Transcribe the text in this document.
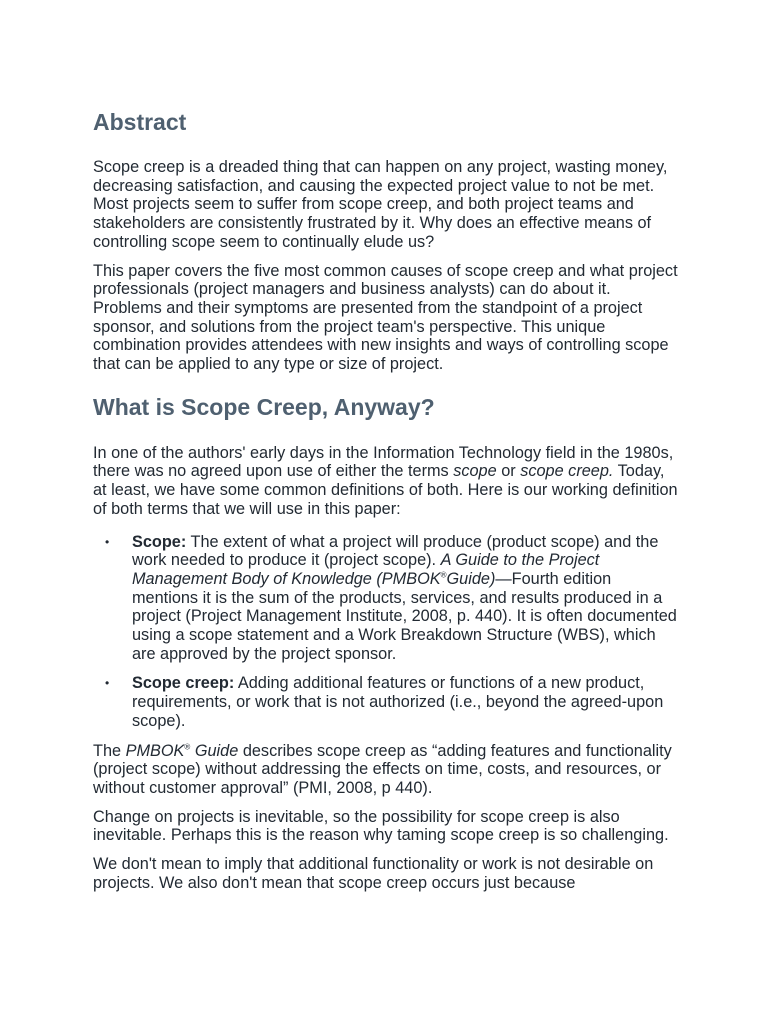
Abstract

Scope creep is a dreaded thing that can happen on any project, wasting money, decreasing satisfaction, and causing the expected project value to not be met. Most projects seem to suffer from scope creep, and both project teams and stakeholders are consistently frustrated by it. Why does an effective means of controlling scope seem to continually elude us?

This paper covers the five most common causes of scope creep and what project professionals (project managers and business analysts) can do about it. Problems and their symptoms are presented from the standpoint of a project sponsor, and solutions from the project team's perspective. This unique combination provides attendees with new insights and ways of controlling scope that can be applied to any type or size of project.

What is Scope Creep, Anyway?

In one of the authors' early days in the Information Technology field in the 1980s, there was no agreed upon use of either the terms scope or scope creep. Today, at least, we have some common definitions of both. Here is our working definition of both terms that we will use in this paper:

• Scope: The extent of what a project will produce (product scope) and the work needed to produce it (project scope). A Guide to the Project Management Body of Knowledge (PMBOK®Guide)—Fourth edition mentions it is the sum of the products, services, and results produced in a project (Project Management Institute, 2008, p. 440). It is often documented using a scope statement and a Work Breakdown Structure (WBS), which are approved by the project sponsor.
• Scope creep: Adding additional features or functions of a new product, requirements, or work that is not authorized (i.e., beyond the agreed-upon scope).

The PMBOK® Guide describes scope creep as “adding features and functionality (project scope) without addressing the effects on time, costs, and resources, or without customer approval” (PMI, 2008, p 440).

Change on projects is inevitable, so the possibility for scope creep is also inevitable. Perhaps this is the reason why taming scope creep is so challenging.

We don't mean to imply that additional functionality or work is not desirable on projects. We also don't mean that scope creep occurs just because
